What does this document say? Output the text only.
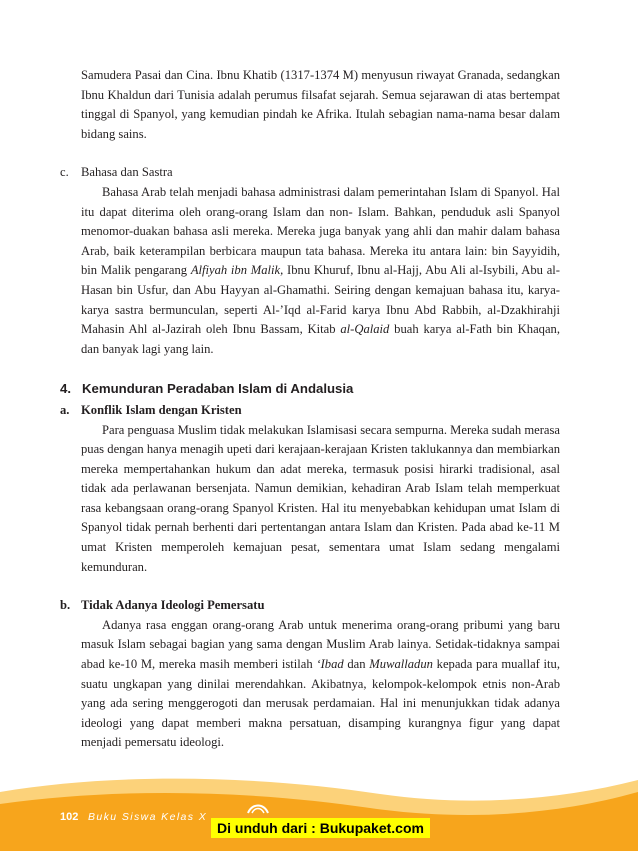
Samudera Pasai dan Cina. Ibnu Khatib (1317-1374 M) menyusun riwayat Granada, sedangkan Ibnu Khaldun dari Tunisia adalah perumus filsafat sejarah. Semua sejarawan di atas bertempat tinggal di Spanyol, yang kemudian pindah ke Afrika. Itulah sebagian nama-nama besar dalam bidang sains.

c. Bahasa dan Sastra

Bahasa Arab telah menjadi bahasa administrasi dalam pemerintahan Islam di Spanyol. Hal itu dapat diterima oleh orang-orang Islam dan non- Islam. Bahkan, penduduk asli Spanyol menomor-duakan bahasa asli mereka. Mereka juga banyak yang ahli dan mahir dalam bahasa Arab, baik keterampilan berbicara maupun tata bahasa. Mereka itu antara lain: bin Sayyidih, bin Malik pengarang Alfiyah ibn Malik, Ibnu Khuruf, Ibnu al-Hajj, Abu Ali al-Isybili, Abu al-Hasan bin Usfur, dan Abu Hayyan al-Ghamathi. Seiring dengan kemajuan bahasa itu, karya-karya sastra bermunculan, seperti Al-’Iqd al-Farid karya Ibnu Abd Rabbih, al-Dzakhirahji Mahasin Ahl al-Jazirah oleh Ibnu Bassam, Kitab al-Qalaid buah karya al-Fath bin Khaqan, dan banyak lagi yang lain.

4. Kemunduran Peradaban Islam di Andalusia

a. Konflik Islam dengan Kristen

Para penguasa Muslim tidak melakukan Islamisasi secara sempurna. Mereka sudah merasa puas dengan hanya menagih upeti dari kerajaan-kerajaan Kristen taklukannya dan membiarkan mereka mempertahankan hukum dan adat mereka, termasuk posisi hirarki tradisional, asal tidak ada perlawanan bersenjata. Namun demikian, kehadiran Arab Islam telah memperkuat rasa kebangsaan orang-orang Spanyol Kristen. Hal itu menyebabkan kehidupan umat Islam di Spanyol tidak pernah berhenti dari pertentangan antara Islam dan Kristen. Pada abad ke-11 M umat Kristen memperoleh kemajuan pesat, sementara umat Islam sedang mengalami kemunduran.

b. Tidak Adanya Ideologi Pemersatu

Adanya rasa enggan orang-orang Arab untuk menerima orang-orang pribumi yang baru masuk Islam sebagai bagian yang sama dengan Muslim Arab lainya. Setidak-tidaknya sampai abad ke-10 M, mereka masih memberi istilah ‘Ibad dan Muwalladun kepada para muallaf itu, suatu ungkapan yang dinilai merendahkan. Akibatnya, kelompok-kelompok etnis non-Arab yang ada sering menggerogoti dan merusak perdamaian. Hal ini menunjukkan tidak adanya ideologi yang dapat memberi makna persatuan, disamping kurangnya figur yang dapat menjadi pemersatu ideologi.

102 Buku Siswa Kelas X
Di unduh dari : Bukupaket.com
